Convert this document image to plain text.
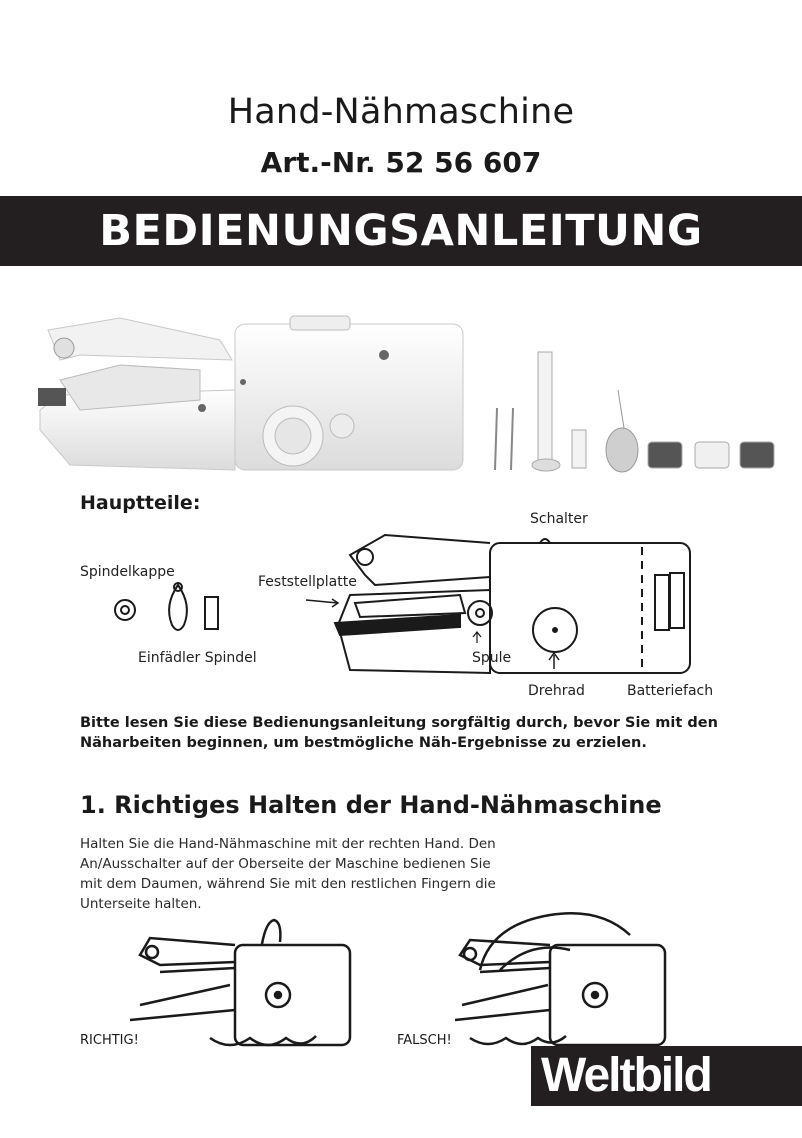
Hand-Nähmaschine
Art.-Nr. 52 56 607
BEDIENUNGSANLEITUNG
Hauptteile:
Schalter
Spindelkappe
Feststellplatte
Einfädler Spindel	Spule
Drehrad	Batteriefach
Bitte lesen Sie diese Bedienungsanleitung sorgfältig durch, bevor Sie mit den Näharbeiten beginnen, um bestmögliche Näh-Ergebnisse zu erzielen.
1. Richtiges Halten der Hand-Nähmaschine
Halten Sie die Hand-Nähmaschine mit der rechten Hand. Den An/Ausschalter auf der Oberseite der Maschine bedienen Sie mit dem Daumen, während Sie mit den restlichen Fingern die Unterseite halten.
RICHTIG!	FALSCH!
Weltbild
